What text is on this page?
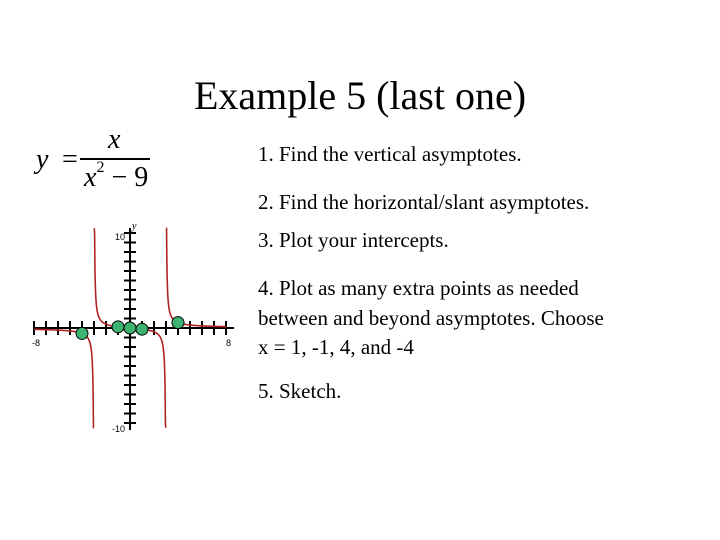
Example 5 (last one)
y =
x
$x^2 - 9$
1. Find the vertical asymptotes.
2. Find the horizontal/slant asymptotes.
3. Plot your intercepts.
4. Plot as many extra points as needed
between and beyond asymptotes. Choose
x = 1, -1, 4, and -4
5. Sketch.
y
10
-10
-8	8
